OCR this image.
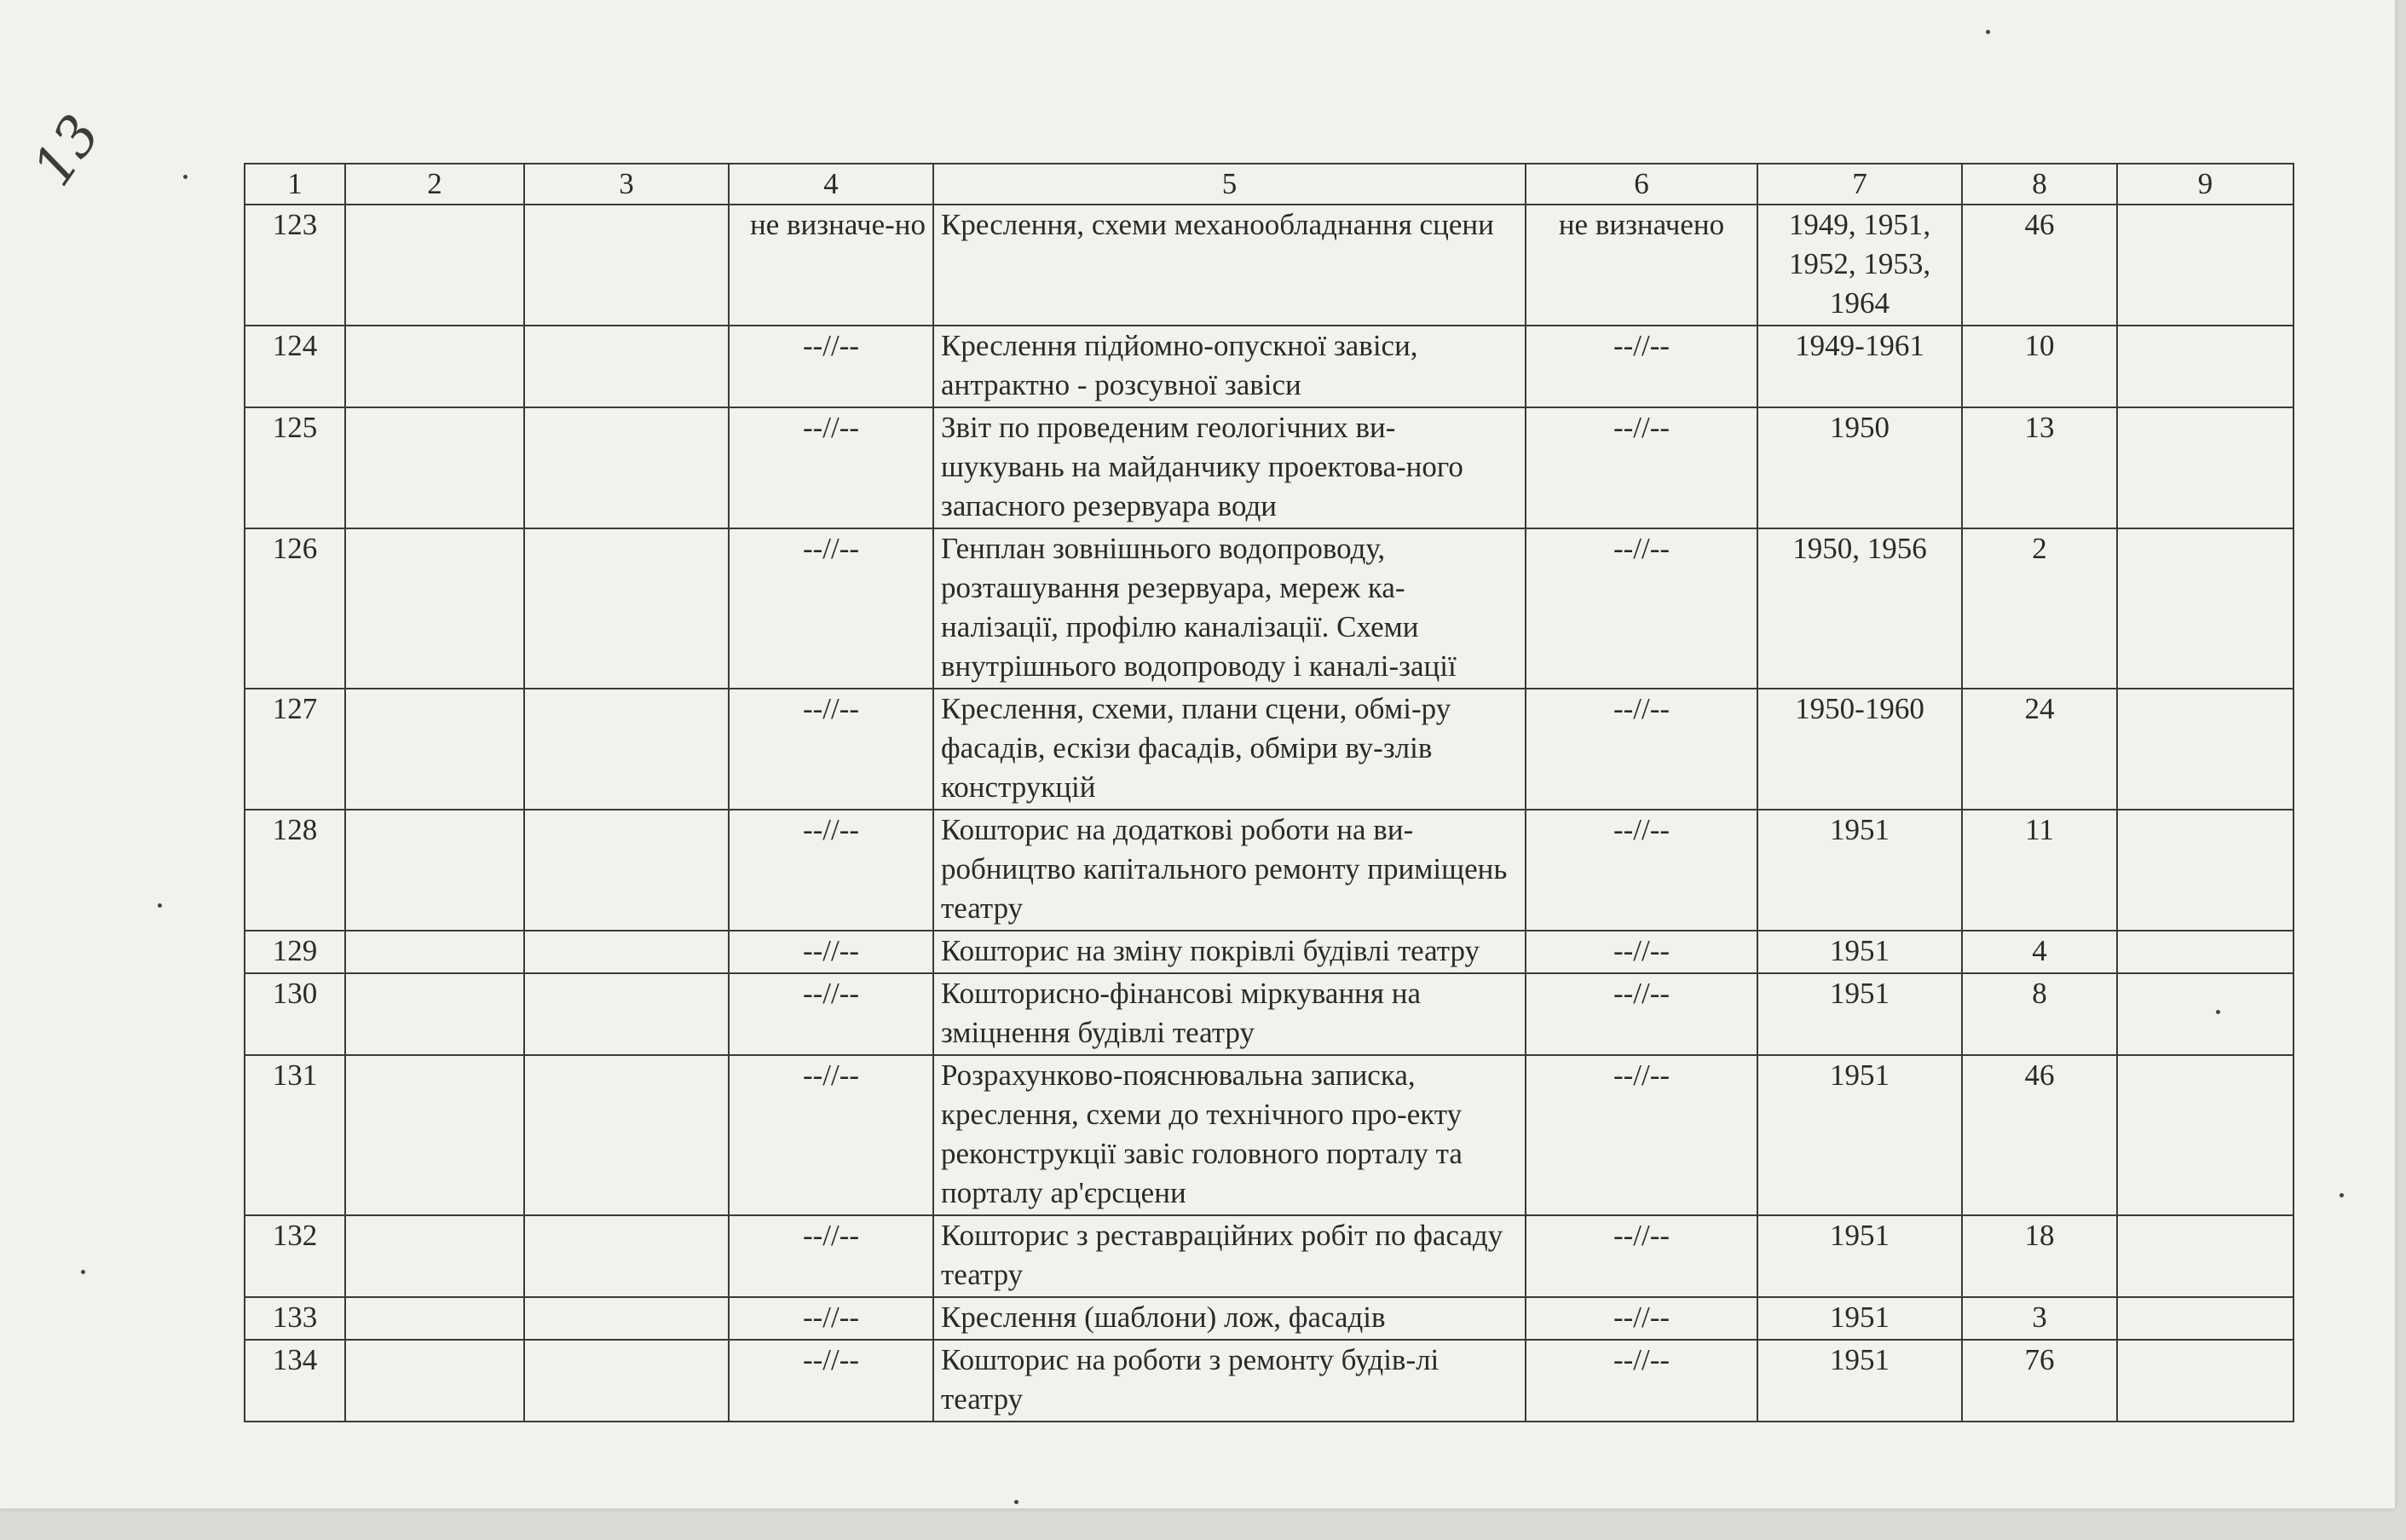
13	1	2	3	4	5	6	7	8	9
123			не визначе-но	Креслення, схеми механообладнання сцени	не визначено	1949, 1951, 1952, 1953, 1964	46	
124			--//--	Креслення підйомно-опускної завіси, антрактно - розсувної завіси	--//--	1949-1961	10	
125			--//--	Звіт по проведеним геологічних ви-шукувань на майданчику проектова-ного запасного резервуара води	--//--	1950	13	
126			--//--	Генплан зовнішнього водопроводу, розташування резервуара, мереж ка-налізації, профілю каналізації. Схеми внутрішнього водопроводу і каналі-зації	--//--	1950, 1956	2	
127			--//--	Креслення, схеми, плани сцени, обмі-ру фасадів, ескізи фасадів, обміри ву-злів конструкцій	--//--	1950-1960	24	
128			--//--	Кошторис на додаткові роботи на ви-робництво капітального ремонту приміщень театру	--//--	1951	11	
129			--//--	Кошторис на зміну покрівлі будівлі театру	--//--	1951	4	
130			--//--	Кошторисно-фінансові міркування на зміцнення будівлі театру	--//--	1951	8	
131			--//--	Розрахунково-пояснювальна записка, креслення, схеми до технічного про-екту реконструкції завіс головного порталу та порталу ар'єрсцени	--//--	1951	46	
132			--//--	Кошторис з реставраційних робіт по фасаду театру	--//--	1951	18	
133			--//--	Креслення (шаблони) лож, фасадів	--//--	1951	3	
134			--//--	Кошторис на роботи з ремонту будів-лі театру	--//--	1951	76	
